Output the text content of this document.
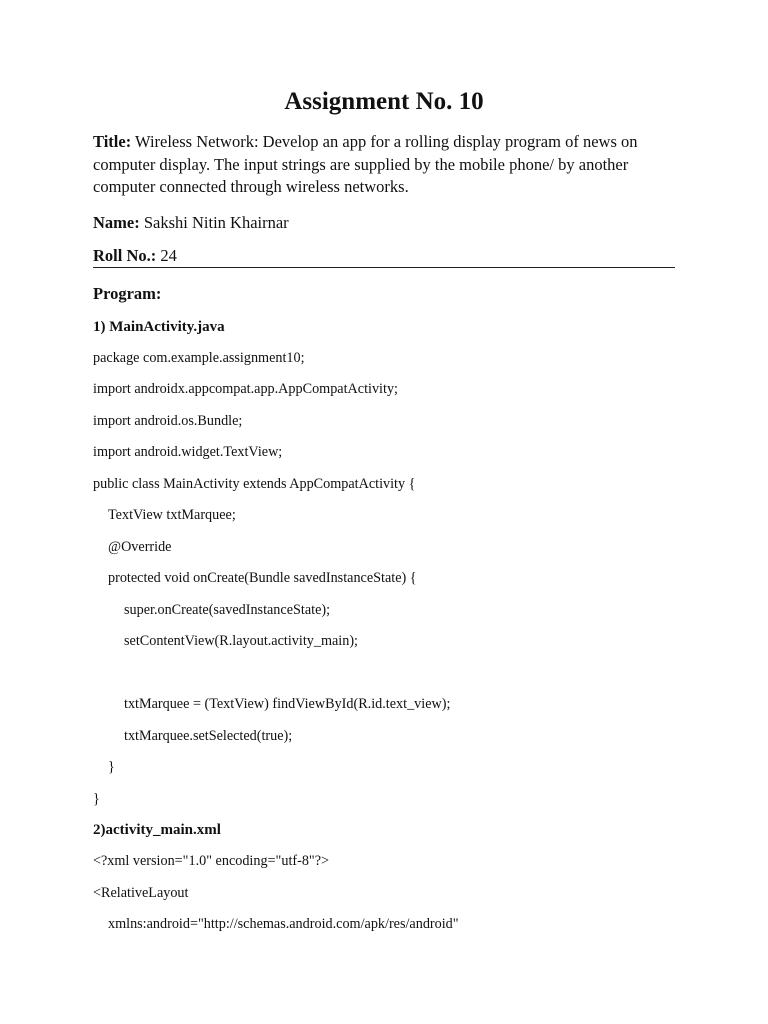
Assignment No. 10
Title: Wireless Network: Develop an app for a rolling display program of news on computer display. The input strings are supplied by the mobile phone/ by another computer connected through wireless networks.
Name: Sakshi Nitin Khairnar
Roll No.: 24
Program:
1) MainActivity.java
package com.example.assignment10;
import androidx.appcompat.app.AppCompatActivity;
import android.os.Bundle;
import android.widget.TextView;
public class MainActivity extends AppCompatActivity {
TextView txtMarquee;
@Override
protected void onCreate(Bundle savedInstanceState) {
super.onCreate(savedInstanceState);
setContentView(R.layout.activity_main);
txtMarquee = (TextView) findViewById(R.id.text_view);
txtMarquee.setSelected(true);
}
}
2)activity_main.xml
<?xml version="1.0" encoding="utf-8"?>
<RelativeLayout
xmlns:android="http://schemas.android.com/apk/res/android"
